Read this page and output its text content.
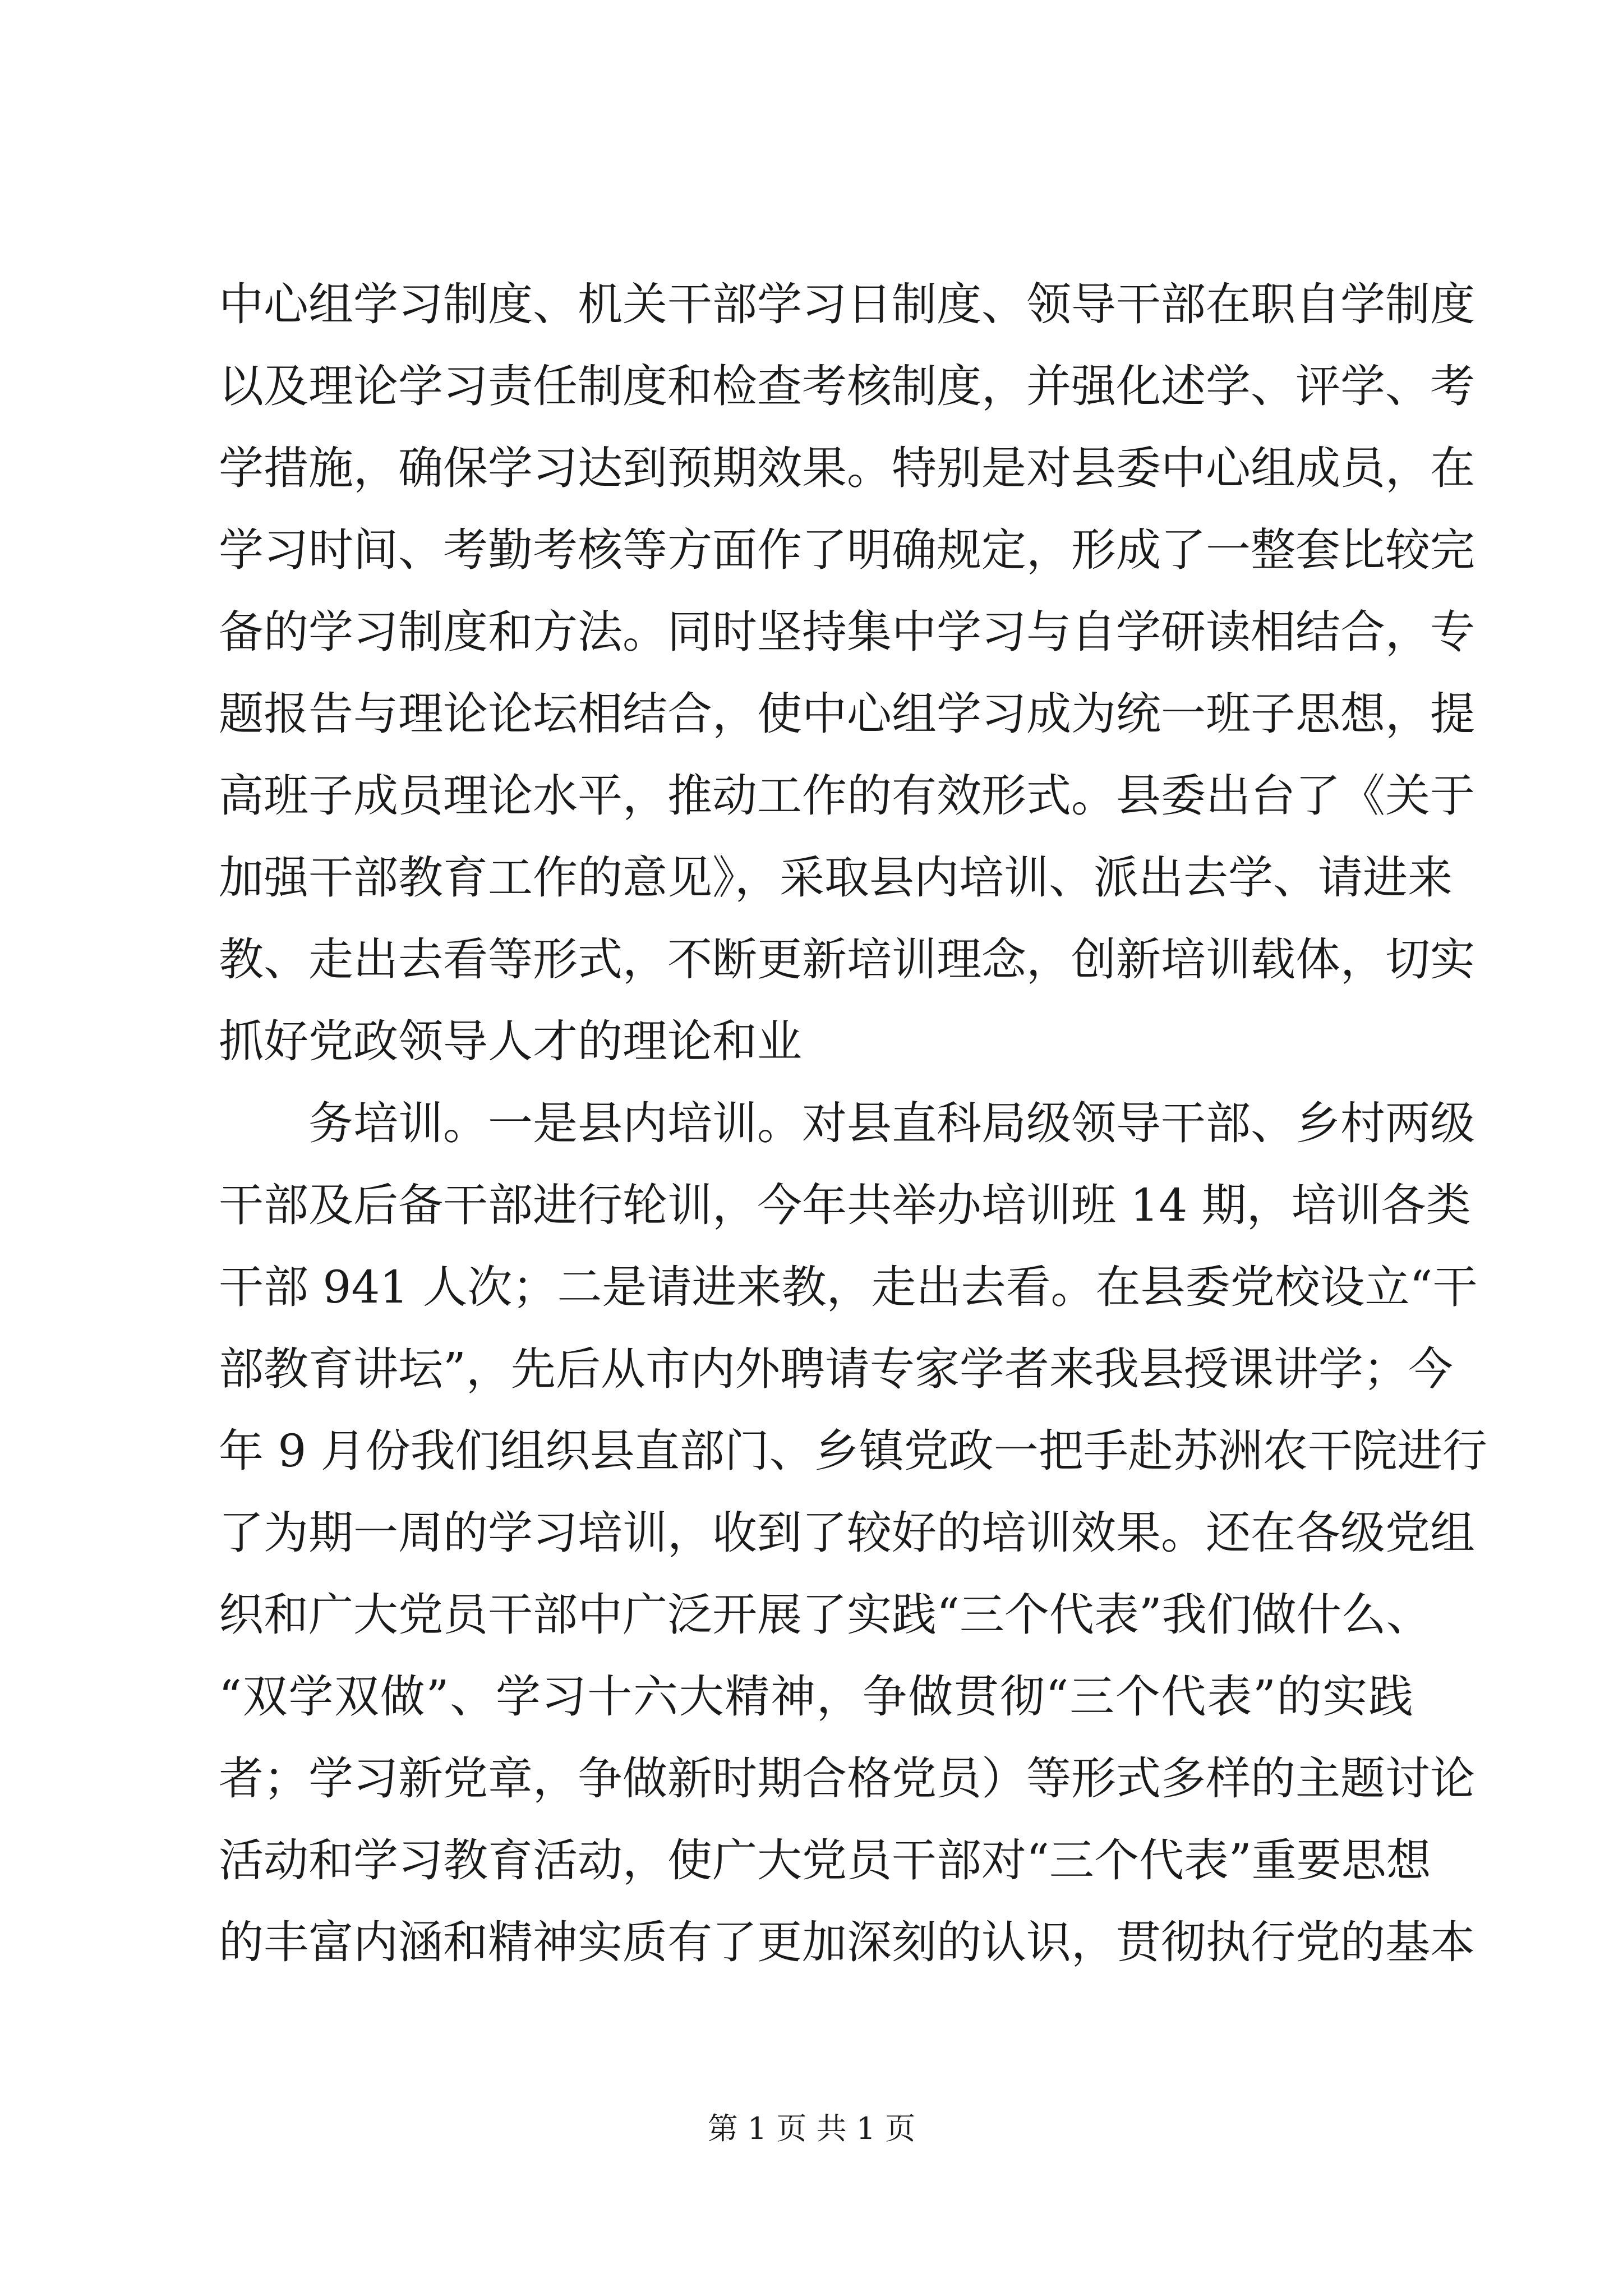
中心组学习制度、机关干部学习日制度、领导干部在职自学制度
以及理论学习责任制度和检查考核制度，并强化述学、评学、考
学措施，确保学习达到预期效果。特别是对县委中心组成员，在
学习时间、考勤考核等方面作了明确规定，形成了一整套比较完
备的学习制度和方法。同时坚持集中学习与自学研读相结合，专
题报告与理论论坛相结合，使中心组学习成为统一班子思想，提
高班子成员理论水平，推动工作的有效形式。县委出台了《关于
加强干部教育工作的意见》，采取县内培训、派出去学、请进来
教、走出去看等形式，不断更新培训理念，创新培训载体，切实
抓好党政领导人才的理论和业
务培训。一是县内培训。对县直科局级领导干部、乡村两级
干部及后备干部进行轮训，今年共举办培训班 14 期，培训各类
干部 941 人次；二是请进来教，走出去看。在县委党校设立“干
部教育讲坛”，先后从市内外聘请专家学者来我县授课讲学；今
年 9 月份我们组织县直部门、乡镇党政一把手赴苏洲农干院进行
了为期一周的学习培训，收到了较好的培训效果。还在各级党组
织和广大党员干部中广泛开展了实践“三个代表”我们做什么、
“双学双做”、学习十六大精神，争做贯彻“三个代表”的实践
者；学习新党章，争做新时期合格党员）等形式多样的主题讨论
活动和学习教育活动，使广大党员干部对“三个代表”重要思想
的丰富内涵和精神实质有了更加深刻的认识，贯彻执行党的基本
第 1 页 共 1 页
